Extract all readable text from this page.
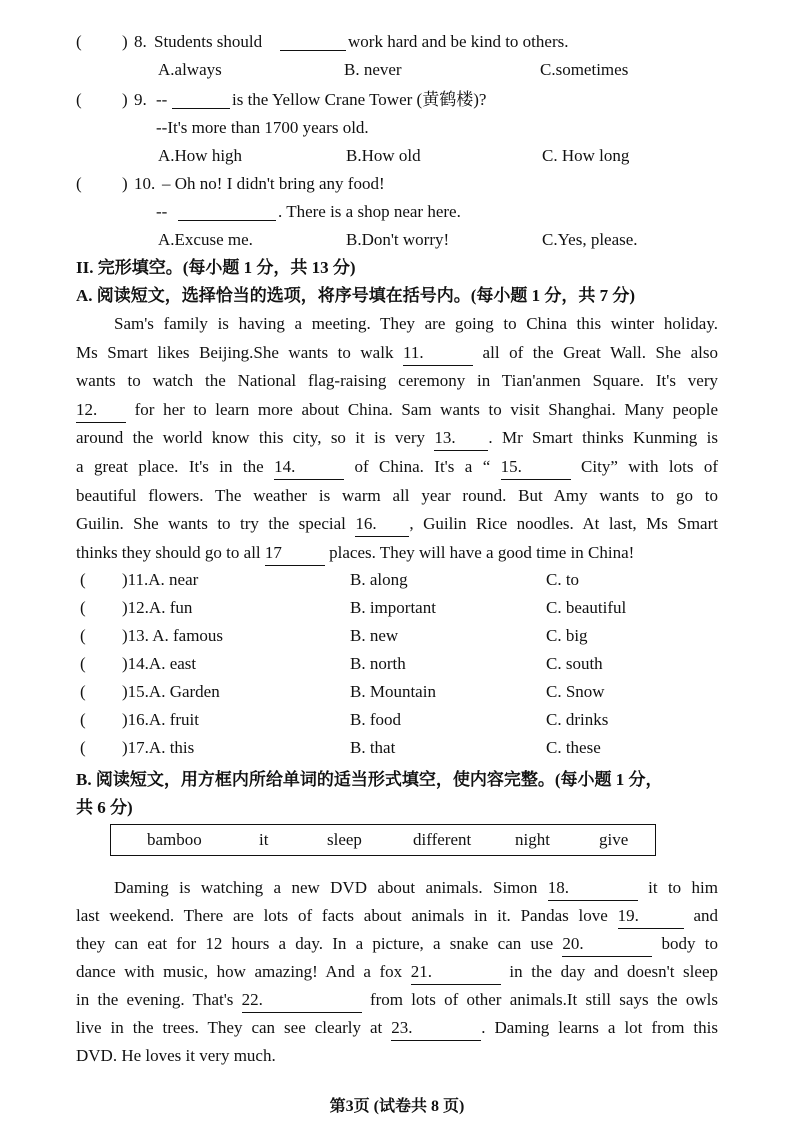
( ) 8. Students should	work hard and be kind to others.
A.always	B. never	C.sometimes
( ) 9. --	is the Yellow Crane Tower (黄鹤楼)?
--It's more than 1700 years old.
A.How high	B.How old	C. How long
( ) 10. – Oh no! I didn't bring any food!
--	. There is a shop near here.
A.Excuse me.	B.Don't worry!	C.Yes, please.
II. 完形填空。(每小题 1 分，共 13 分)
A. 阅读短文，选择恰当的选项，将序号填在括号内。(每小题 1 分，共 7 分)
Sam's family is having a meeting. They are going to China this winter holiday.
Ms Smart likes Beijing.She wants to walk 11.	all of the Great Wall. She also
wants to watch the National flag-raising ceremony in Tian'anmen Square. It's very
12. for her to learn more about China. Sam wants to visit Shanghai. Many people
around the world know this city, so it is very 13. . Mr Smart thinks Kunming is
a great place. It's in the 14.	of China. It's a “ 15.	City” with lots of
beautiful flowers. The weather is warm all year round. But Amy wants to go to
Guilin. She wants to try the special 16. , Guilin Rice noodles. At last, Ms Smart
thinks they should go to all 17	places. They will have a good time in China!
( )11.A. near	B. along	C. to
( )12.A. fun	B. important	C. beautiful
( )13. A. famous	B. new	C. big
( )14.A. east	B. north	C. south
( )15.A. Garden	B. Mountain	C. Snow
( )16.A. fruit	B. food	C. drinks
( )17.A. this	B. that	C. these
B. 阅读短文，用方框内所给单词的适当形式填空，使内容完整。(每小题 1 分，
共 6 分)
bamboo	it	sleep	different	night	give
Daming is watching a new DVD about animals. Simon 18.	it to him
last weekend. There are lots of facts about animals in it. Pandas love 19.	and
they can eat for 12 hours a day. In a picture, a snake can use 20.	body to
dance with music, how amazing! And a fox 21.	in the day and doesn't sleep
in the evening. That's 22.	from lots of other animals.It still says the owls
live in the trees. They can see clearly at 23.	. Daming learns a lot from this
DVD. He loves it very much.
第3页 (试卷共 8 页)
